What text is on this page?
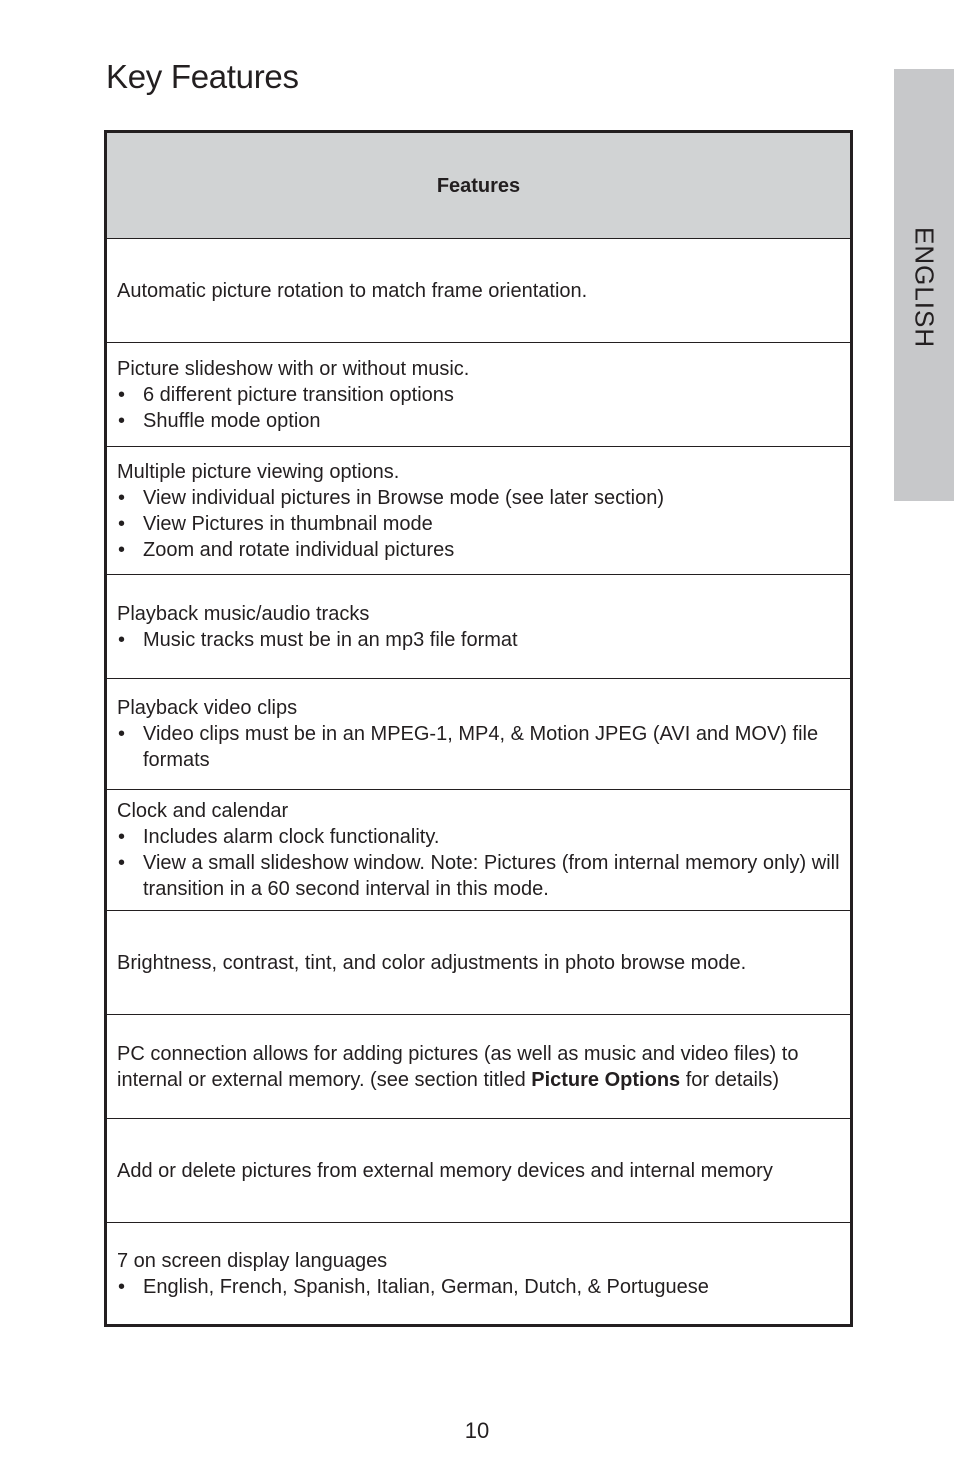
Key Features
ENGLISH
Features
Automatic picture rotation to match frame orientation.
Picture slideshow with or without music.
• 6 different picture transition options
• Shuffle mode option
Multiple picture viewing options.
• View individual pictures in Browse mode (see later section)
• View Pictures in thumbnail mode
• Zoom and rotate individual pictures
Playback music/audio tracks
• Music tracks must be in an mp3 file format
Playback video clips
• Video clips must be in an MPEG-1, MP4, & Motion JPEG (AVI and MOV) file formats
Clock and calendar
• Includes alarm clock functionality.
• View a small slideshow window. Note: Pictures (from internal memory only) will transition in a 60 second interval in this mode.
Brightness, contrast, tint, and color adjustments in photo browse mode.
PC connection allows for adding pictures (as well as music and video files) to internal or external memory. (see section titled Picture Options for details)
Add or delete pictures from external memory devices and internal memory
7 on screen display languages
• English, French, Spanish, Italian, German, Dutch, & Portuguese
10
